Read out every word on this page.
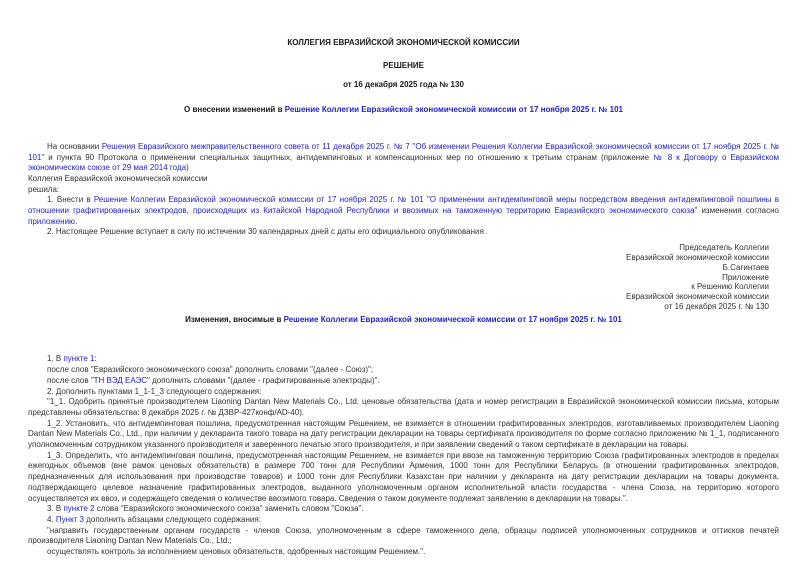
КОЛЛЕГИЯ ЕВРАЗИЙСКОЙ ЭКОНОМИЧЕСКОЙ КОМИССИИ
РЕШЕНИЕ
от 16 декабря 2025 года № 130
О внесении изменений в Решение Коллегии Евразийской экономической комиссии от 17 ноября 2025 г. № 101

На основании Решения Евразийского межправительственного совета от 11 декабря 2025 г. № 7 "Об изменении Решения Коллегии Евразийской экономической комиссии от 17 ноября 2025 г. № 101" и пункта 90 Протокола о применении специальных защитных, антидемпинговых и компенсационных мер по отношению к третьим странам (приложение № 8 к Договору о Евразийском экономическом союзе от 29 мая 2014 года)
Коллегия Евразийской экономической комиссии
решила:

1. Внести в Решение Коллегии Евразийской экономической комиссии от 17 ноября 2025 г. № 101 "О применении антидемпинговой меры посредством введения антидемпинговой пошлины в отношении графитированных электродов, происходящих из Китайской Народной Республики и ввозимых на таможенную территорию Евразийского экономического союза" изменения согласно приложению.

2. Настоящее Решение вступает в силу по истечении 30 календарных дней с даты его официального опубликования.

Председатель Коллегии
Евразийской экономической комиссии
Б.Сагинтаев
Приложение
к Решению Коллегии
Евразийской экономической комиссии
от 16 декабря 2025 г. № 130
Изменения, вносимые в Решение Коллегии Евразийской экономической комиссии от 17 ноября 2025 г. № 101

1. В пункте 1:

после слов "Евразийского экономического союза" дополнить словами "(далее - Союз)";

после слов "ТН ВЭД ЕАЭС" дополнить словами "(далее - графитированные электроды)".

2. Дополнить пунктами 1_1-1_3 следующего содержания:

"1_1. Одобрить принятые производителем Liaoning Dantan New Materials Co., Ltd. ценовые обязательства (дата и номер регистрации в Евразийской экономической комиссии письма, которым представлены обязательства: 8 декабря 2025 г. № ДЗВР-427конф/AD-40).

1_2. Установить, что антидемпинговая пошлина, предусмотренная настоящим Решением, не взимается в отношении графитированных электродов, изготавливаемых производителем Liaoning Dantan New Materials Co., Ltd., при наличии у декларанта такого товара на дату регистрации декларации на товары сертификата производителя по форме согласно приложению № 1_1, подписанного уполномоченным сотрудником указанного производителя и заверенного печатью этого производителя, и при заявлении сведений о таком сертификате в декларации на товары.

1_3. Определить, что антидемпинговая пошлина, предусмотренная настоящим Решением, не взимается при ввозе на таможенную территорию Союза графитированных электродов в пределах ежегодных объемов (вне рамок ценовых обязательств) в размере 700 тонн для Республики Армения, 1000 тонн для Республики Беларусь (в отношении графитированных электродов, предназначенных для использования при производстве товаров) и 1000 тонн для Республики Казахстан при наличии у декларанта на дату регистрации декларации на товары документа, подтверждающего целевое назначение графитированных электродов, выданного уполномоченным органом исполнительной власти государства - члена Союза, на территорию которого осуществляется их ввоз, и содержащего сведения о количестве ввозимого товара. Сведения о таком документе подлежат заявлению в декларации на товары.".

3. В пункте 2 слова "Евразийского экономического союза" заменить словом "Союза".

4. Пункт 3 дополнить абзацами следующего содержания:

"направить государственным органам государств - членов Союза, уполномоченным в сфере таможенного дела, образцы подписей уполномоченных сотрудников и оттисков печатей производителя Liaoning Dantan New Materials Co., Ltd.;

осуществлять контроль за исполнением ценовых обязательств, одобренных настоящим Решением.".
